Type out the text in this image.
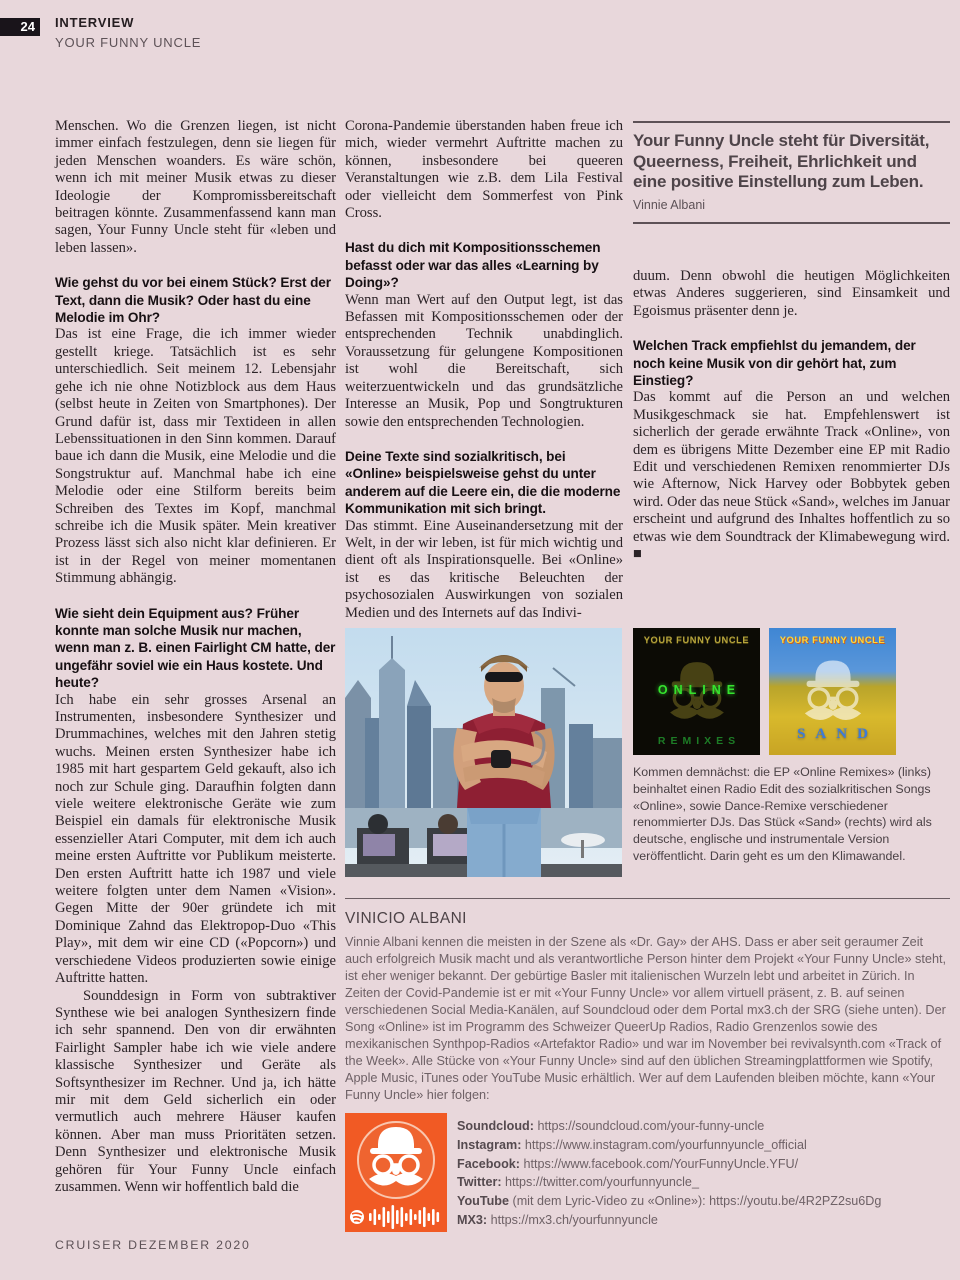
24	INTERVIEW
YOUR FUNNY UNCLE

Menschen. Wo die Grenzen liegen, ist nicht immer einfach festzulegen, denn sie liegen für jeden Menschen woanders. Es wäre schön, wenn ich mit meiner Musik etwas zu dieser Ideologie der Kompromissbereitschaft beitragen könnte. Zusammenfassend kann man sagen, Your Funny Uncle steht für «leben und leben lassen».

Wie gehst du vor bei einem Stück? Erst der Text, dann die Musik? Oder hast du eine Melodie im Ohr?

Das ist eine Frage, die ich immer wieder gestellt kriege. Tatsächlich ist es sehr unterschiedlich. Seit meinem 12. Lebensjahr gehe ich nie ohne Notizblock aus dem Haus (selbst heute in Zeiten von Smartphones). Der Grund dafür ist, dass mir Textideen in allen Lebenssituationen in den Sinn kommen. Darauf baue ich dann die Musik, eine Melodie und die Songstruktur auf. Manchmal habe ich eine Melodie oder eine Stilform bereits beim Schreiben des Textes im Kopf, manchmal schreibe ich die Musik später. Mein kreativer Prozess lässt sich also nicht klar definieren. Er ist in der Regel von meiner momentanen Stimmung abhängig.

Wie sieht dein Equipment aus? Früher konnte man solche Musik nur machen, wenn man z. B. einen Fairlight CM hatte, der ungefähr soviel wie ein Haus kostete. Und heute?

Ich habe ein sehr grosses Arsenal an Instrumenten, insbesondere Synthesizer und Drummachines, welches mit den Jahren stetig wuchs. Meinen ersten Synthesizer habe ich 1985 mit hart gespartem Geld gekauft, also ich noch zur Schule ging. Daraufhin folgten dann viele weitere elektronische Geräte wie zum Beispiel ein damals für elektronische Musik essenzieller Atari Computer, mit dem ich auch meine ersten Auftritte vor Publikum meisterte. Den ersten Auftritt hatte ich 1987 und viele weitere folgten unter dem Namen «Vision». Gegen Mitte der 90er gründete ich mit Dominique Zahnd das Elektropop-Duo «This Play», mit dem wir eine CD («Popcorn») und verschiedene Videos produzierten sowie einige Auftritte hatten.

Sounddesign in Form von subtraktiver Synthese wie bei analogen Synthesizern finde ich sehr spannend. Den von dir erwähnten Fairlight Sampler habe ich wie viele andere klassische Synthesizer und Geräte als Softsynthesizer im Rechner. Und ja, ich hätte mir mit dem Geld sicherlich ein oder vermutlich auch mehrere Häuser kaufen können. Aber man muss Prioritäten setzen. Denn Synthesizer und elektronische Musik gehören für Your Funny Uncle einfach zusammen. Wenn wir hoffentlich bald die

Corona-Pandemie überstanden haben freue ich mich, wieder vermehrt Auftritte machen zu können, insbesondere bei queeren Veranstaltungen wie z.B. dem Lila Festival oder vielleicht dem Sommerfest von Pink Cross.

Hast du dich mit Kompositionsschemen befasst oder war das alles «Learning by Doing»?

Wenn man Wert auf den Output legt, ist das Befassen mit Kompositionsschemen oder der entsprechenden Technik unabdinglich. Voraussetzung für gelungene Kompositionen ist wohl die Bereitschaft, sich weiterzuentwickeln und das grundsätzliche Interesse an Musik, Pop und Songtrukturen sowie den entsprechenden Technologien.

Deine Texte sind sozialkritisch, bei «Online» beispielsweise gehst du unter anderem auf die Leere ein, die die moderne Kommunikation mit sich bringt.

Das stimmt. Eine Auseinandersetzung mit der Welt, in der wir leben, ist für mich wichtig und dient oft als Inspirationsquelle. Bei «Online» ist es das kritische Beleuchten der psychosozialen Auswirkungen von sozialen Medien und des Internets auf das Indivi-

Your Funny Uncle steht für Diversität, Queerness, Freiheit, Ehrlichkeit und eine positive Einstellung zum Leben.
Vinnie Albani

duum. Denn obwohl die heutigen Möglichkeiten etwas Anderes suggerieren, sind Einsamkeit und Egoismus präsenter denn je.

Welchen Track empfiehlst du jemandem, der noch keine Musik von dir gehört hat, zum Einstieg?

Das kommt auf die Person an und welchen Musikgeschmack sie hat. Empfehlenswert ist sicherlich der gerade erwähnte Track «Online», von dem es übrigens Mitte Dezember eine EP mit Radio Edit und verschiedenen Remixen renommierter DJs wie Afternow, Nick Harvey oder Bobbytek geben wird. Oder das neue Stück «Sand», welches im Januar erscheint und aufgrund des Inhaltes hoffentlich zu so etwas wie dem Soundtrack der Klimabewegung wird. ■

YOUR FUNNY UNCLE
ONLINE
REMIXES
YOUR FUNNY UNCLE
SAND
Kommen demnächst: die EP «Online Remixes» (links) beinhaltet einen Radio Edit des sozialkritischen Songs «Online», sowie Dance-Remixe verschiedener renommierter DJs. Das Stück «Sand» (rechts) wird als deutsche, englische und instrumentale Version veröffentlicht. Darin geht es um den Klimawandel.
VINICIO ALBANI

Vinnie Albani kennen die meisten in der Szene als «Dr. Gay» der AHS. Dass er aber seit geraumer Zeit auch erfolgreich Musik macht und als verantwortliche Person hinter dem Projekt «Your Funny Uncle» steht, ist eher weniger bekannt. Der gebürtige Basler mit italienischen Wurzeln lebt und arbeitet in Zürich. In Zeiten der Covid-Pandemie ist er mit «Your Funny Uncle» vor allem virtuell präsent, z. B. auf seinen verschiedenen Social Media-Kanälen, auf Soundcloud oder dem Portal mx3.ch der SRG (siehe unten). Der Song «Online» ist im Programm des Schweizer QueerUp Radios, Radio Grenzenlos sowie des mexikanischen Synthpop-Radios «Artefaktor Radio» und war im November bei revivalsynth.com «Track of the Week». Alle Stücke von «Your Funny Uncle» sind auf den üblichen Streamingplattformen wie Spotify, Apple Music, iTunes oder YouTube Music erhältlich. Wer auf dem Laufenden bleiben möchte, kann «Your Funny Uncle» hier folgen:

Soundcloud: https://soundcloud.com/your-funny-uncle
Instagram: https://www.instagram.com/yourfunnyuncle_official
Facebook: https://www.facebook.com/YourFunnyUncle.YFU/
Twitter: https://twitter.com/yourfunnyuncle_
YouTube (mit dem Lyric-Video zu «Online»): https://youtu.be/4R2PZ2su6Dg
MX3: https://mx3.ch/yourfunnyuncle
CRUISER DEZEMBER 2020
